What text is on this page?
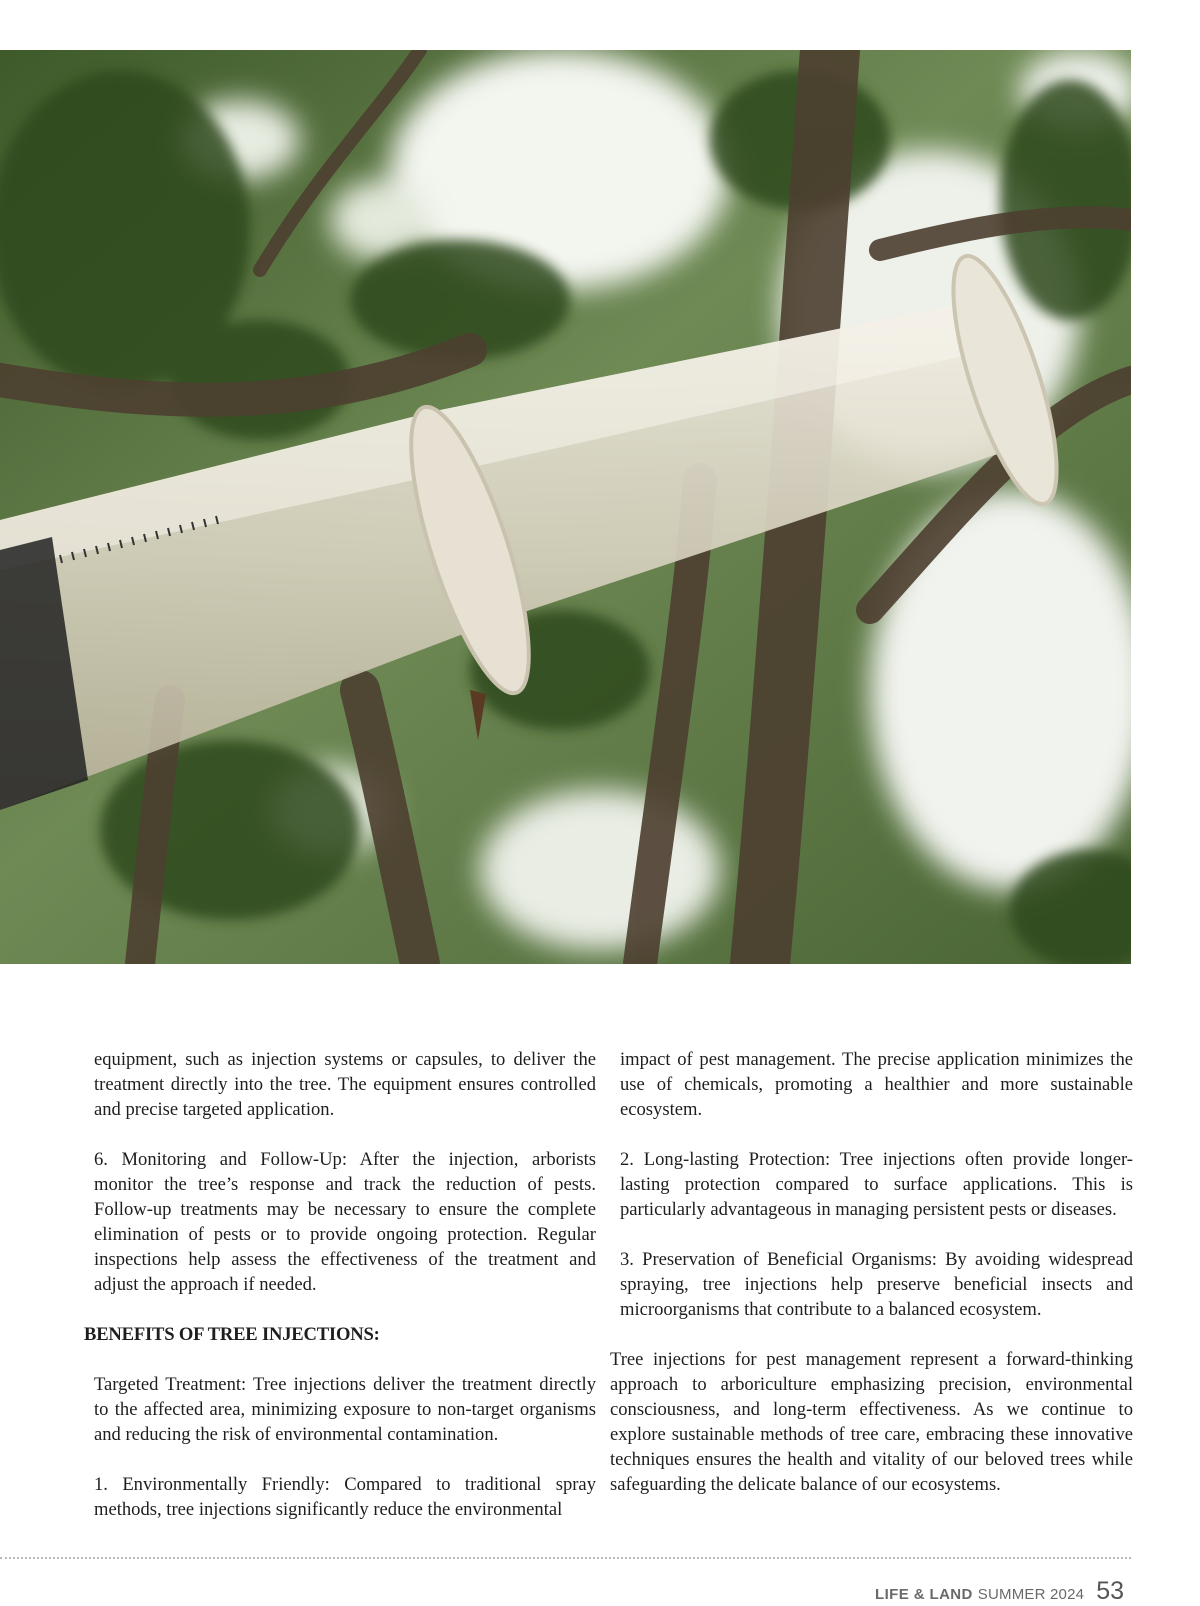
equipment, such as injection systems or capsules, to deliver the treatment directly into the tree. The equipment ensures controlled and precise targeted application.

6. Monitoring and Follow-Up: After the injection, arborists monitor the tree’s response and track the reduction of pests. Follow-up treatments may be necessary to ensure the complete elimination of pests or to provide ongoing protection. Regular inspections help assess the effectiveness of the treatment and adjust the approach if needed.

BENEFITS OF TREE INJECTIONS:

Targeted Treatment: Tree injections deliver the treatment directly to the affected area, minimizing exposure to non-target organisms and reducing the risk of environmental contamination.

1. Environmentally Friendly: Compared to traditional spray methods, tree injections significantly reduce the environmental

impact of pest management. The precise application minimizes the use of chemicals, promoting a healthier and more sustainable ecosystem.

2. Long-lasting Protection: Tree injections often provide longer-lasting protection compared to surface applications. This is particularly advantageous in managing persistent pests or diseases.

3. Preservation of Beneficial Organisms: By avoiding widespread spraying, tree injections help preserve beneficial insects and microorganisms that contribute to a balanced ecosystem.

Tree injections for pest management represent a forward-thinking approach to arboriculture emphasizing precision, environmental consciousness, and long-term effectiveness. As we continue to explore sustainable methods of tree care, embracing these innovative techniques ensures the health and vitality of our beloved trees while safeguarding the delicate balance of our ecosystems.

LIFE & LAND SUMMER 2024 53
